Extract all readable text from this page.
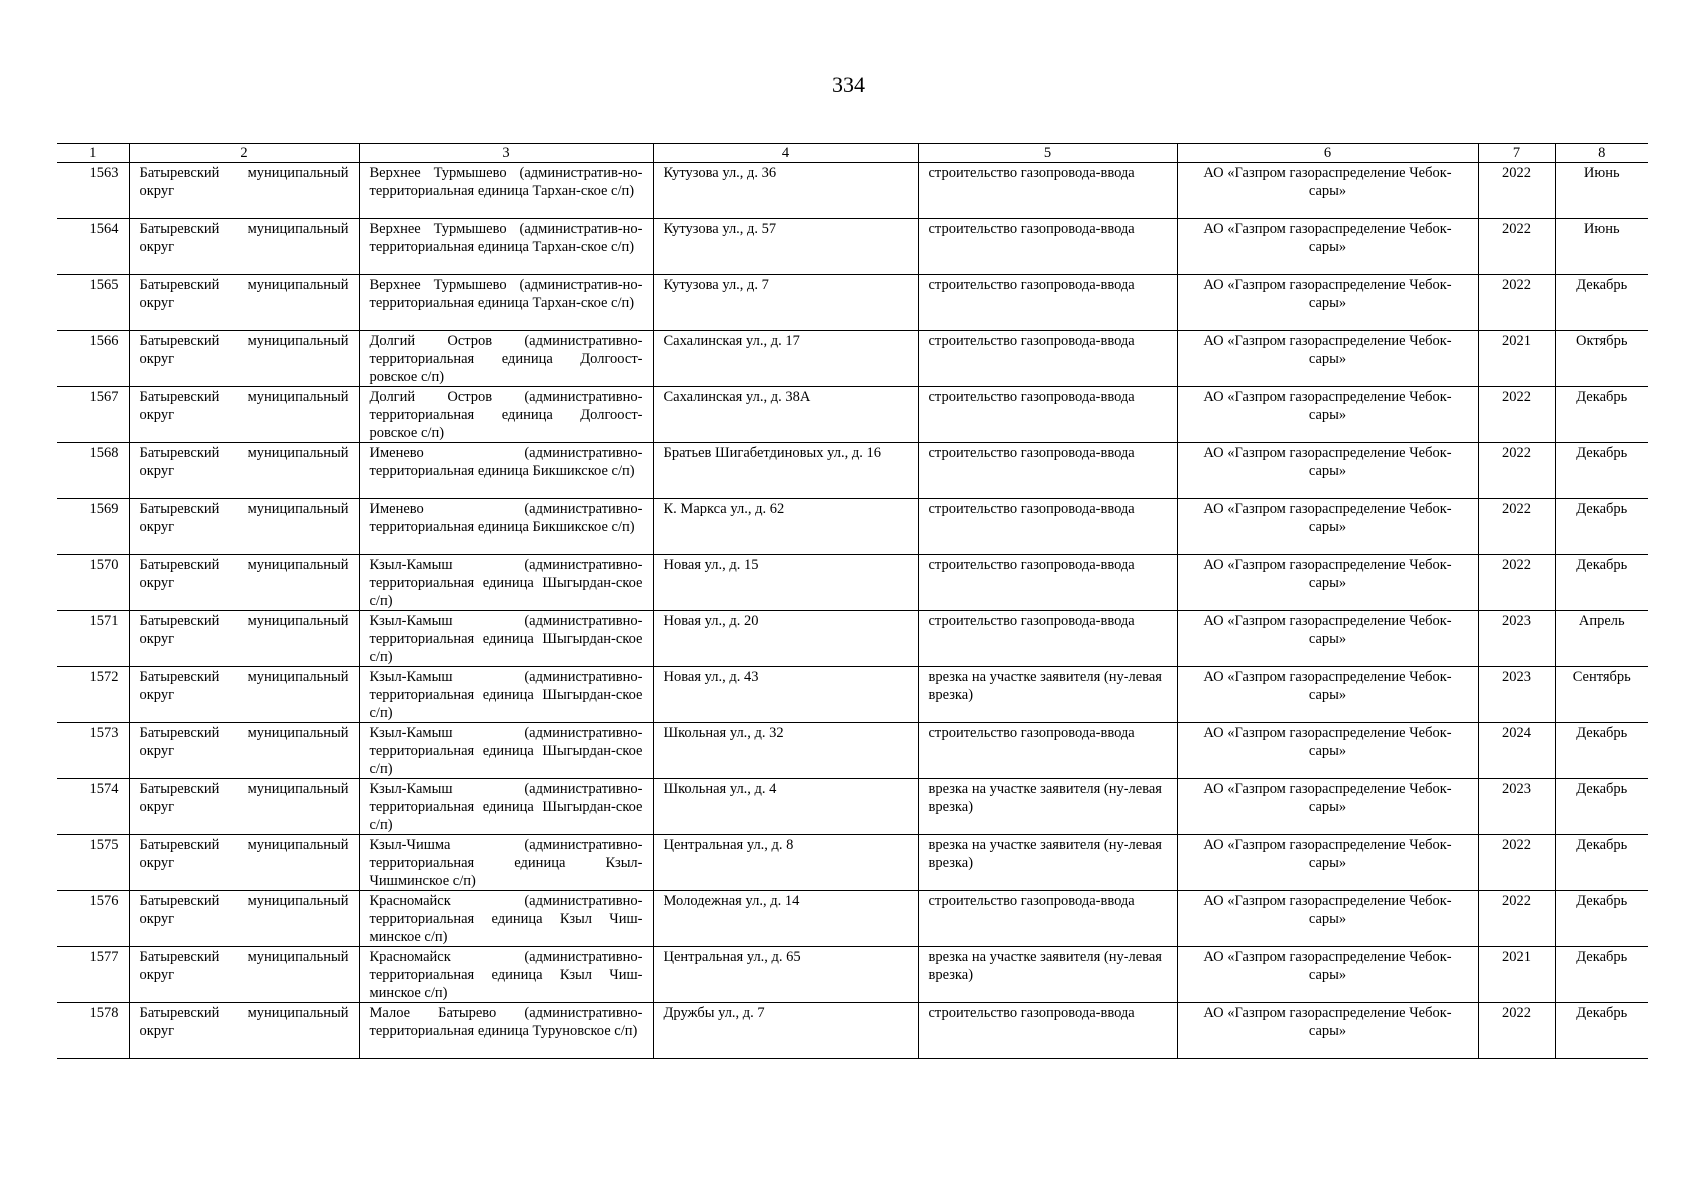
334
1	2	3	4	5	6	7	8
1563	Батыревский муниципальный округ	Верхнее Турмышево (административ-но-территориальная единица Тархан-ское с/п)	Кутузова ул., д. 36	строительство газопровода-ввода	АО «Газпром газораспределение Чебок-сары»	2022	Июнь
1564	Батыревский муниципальный округ	Верхнее Турмышево (административ-но-территориальная единица Тархан-ское с/п)	Кутузова ул., д. 57	строительство газопровода-ввода	АО «Газпром газораспределение Чебок-сары»	2022	Июнь
1565	Батыревский муниципальный округ	Верхнее Турмышево (административ-но-территориальная единица Тархан-ское с/п)	Кутузова ул., д. 7	строительство газопровода-ввода	АО «Газпром газораспределение Чебок-сары»	2022	Декабрь
1566	Батыревский муниципальный округ	Долгий Остров (административно-территориальная единица Долгоост-ровское с/п)	Сахалинская ул., д. 17	строительство газопровода-ввода	АО «Газпром газораспределение Чебок-сары»	2021	Октябрь
1567	Батыревский муниципальный округ	Долгий Остров (административно-территориальная единица Долгоост-ровское с/п)	Сахалинская ул., д. 38А	строительство газопровода-ввода	АО «Газпром газораспределение Чебок-сары»	2022	Декабрь
1568	Батыревский муниципальный округ	Именево (административно-территориальная единица Бикшикское с/п)	Братьев Шигабетдиновых ул., д. 16	строительство газопровода-ввода	АО «Газпром газораспределение Чебок-сары»	2022	Декабрь
1569	Батыревский муниципальный округ	Именево (административно-территориальная единица Бикшикское с/п)	К. Маркса ул., д. 62	строительство газопровода-ввода	АО «Газпром газораспределение Чебок-сары»	2022	Декабрь
1570	Батыревский муниципальный округ	Кзыл-Камыш (административно-территориальная единица Шыгырдан-ское с/п)	Новая ул., д. 15	строительство газопровода-ввода	АО «Газпром газораспределение Чебок-сары»	2022	Декабрь
1571	Батыревский муниципальный округ	Кзыл-Камыш (административно-территориальная единица Шыгырдан-ское с/п)	Новая ул., д. 20	строительство газопровода-ввода	АО «Газпром газораспределение Чебок-сары»	2023	Апрель
1572	Батыревский муниципальный округ	Кзыл-Камыш (административно-территориальная единица Шыгырдан-ское с/п)	Новая ул., д. 43	врезка на участке заявителя (ну-левая врезка)	АО «Газпром газораспределение Чебок-сары»	2023	Сентябрь
1573	Батыревский муниципальный округ	Кзыл-Камыш (административно-территориальная единица Шыгырдан-ское с/п)	Школьная ул., д. 32	строительство газопровода-ввода	АО «Газпром газораспределение Чебок-сары»	2024	Декабрь
1574	Батыревский муниципальный округ	Кзыл-Камыш (административно-территориальная единица Шыгырдан-ское с/п)	Школьная ул., д. 4	врезка на участке заявителя (ну-левая врезка)	АО «Газпром газораспределение Чебок-сары»	2023	Декабрь
1575	Батыревский муниципальный округ	Кзыл-Чишма (административно-территориальная единица Кзыл-Чишминское с/п)	Центральная ул., д. 8	врезка на участке заявителя (ну-левая врезка)	АО «Газпром газораспределение Чебок-сары»	2022	Декабрь
1576	Батыревский муниципальный округ	Красномайск (административно-территориальная единица Кзыл Чиш-минское с/п)	Молодежная ул., д. 14	строительство газопровода-ввода	АО «Газпром газораспределение Чебок-сары»	2022	Декабрь
1577	Батыревский муниципальный округ	Красномайск (административно-территориальная единица Кзыл Чиш-минское с/п)	Центральная ул., д. 65	врезка на участке заявителя (ну-левая врезка)	АО «Газпром газораспределение Чебок-сары»	2021	Декабрь
1578	Батыревский муниципальный округ	Малое Батырево (административно-территориальная единица Туруновское с/п)	Дружбы ул., д. 7	строительство газопровода-ввода	АО «Газпром газораспределение Чебок-сары»	2022	Декабрь
